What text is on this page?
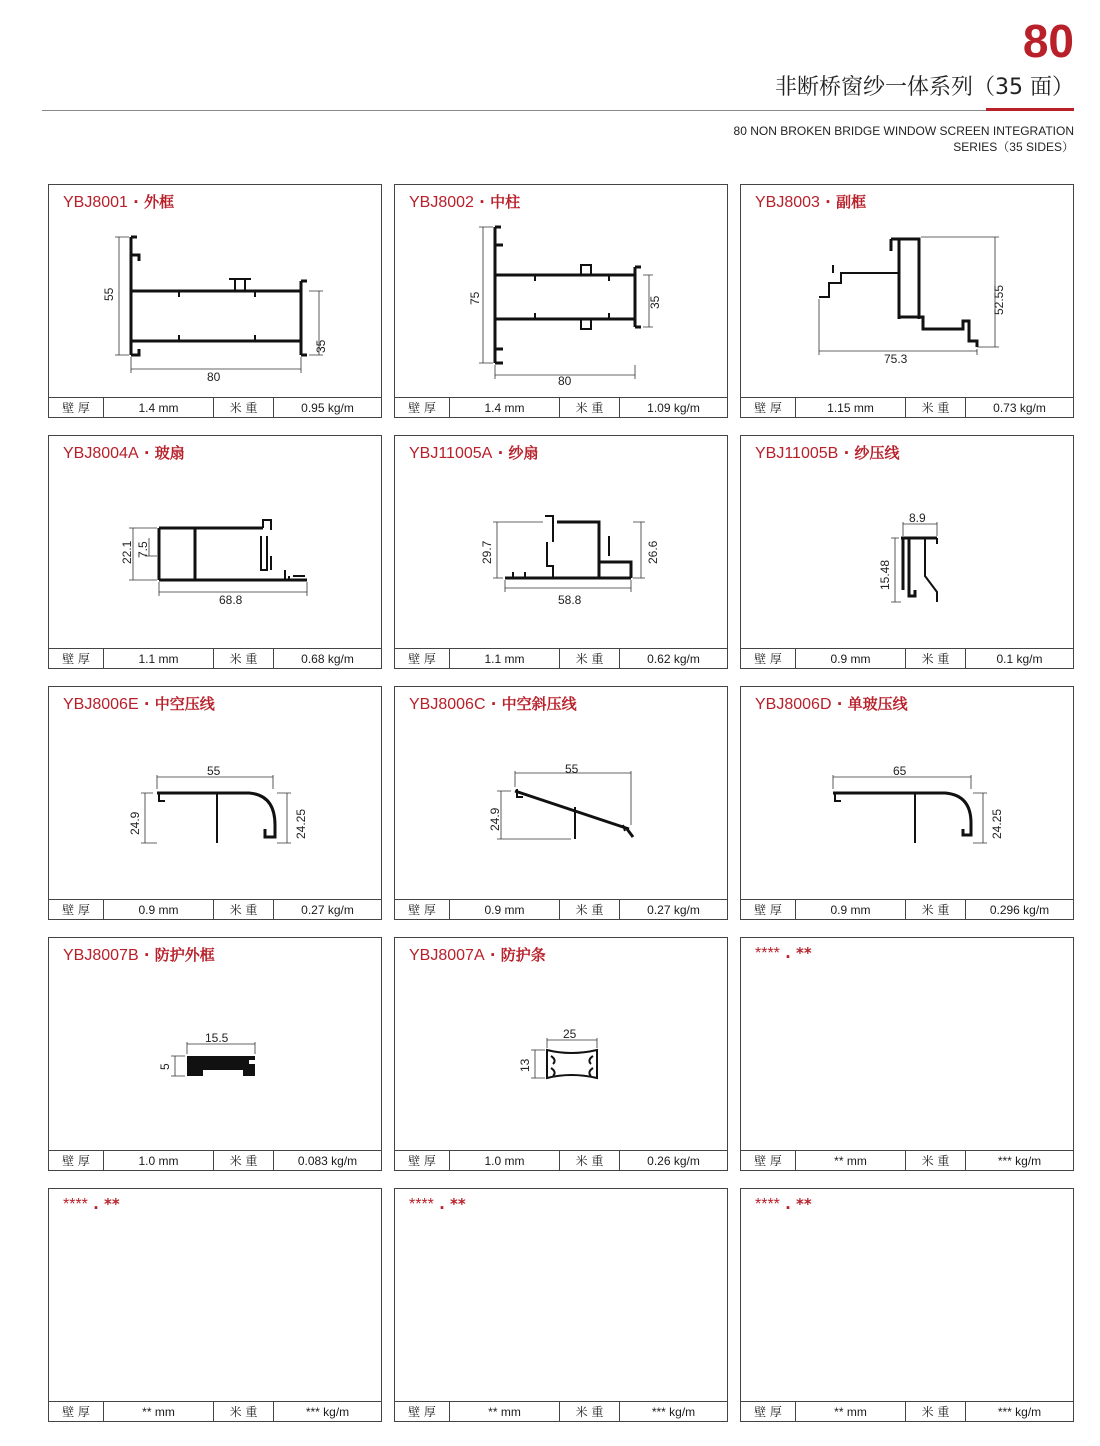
80
非断桥窗纱一体系列（35 面）
80 NON BROKEN BRIDGE WINDOW SCREEN INTEGRATION
SERIES（35 SIDES）
YBJ8001 · 外框
55
35
80
壁 厚	1.4 mm	米 重	0.95 kg/m
YBJ8002 · 中柱
75	35
80
壁 厚	1.4 mm	米 重	1.09 kg/m
YBJ8003 · 副框
52.55
75.3
壁 厚	1.15 mm	米 重	0.73 kg/m
YBJ8004A · 玻扇
22.1 7.5
68.8
壁 厚	1.1 mm	米 重	0.68 kg/m
YBJ11005A · 纱扇
29.7	26.6
58.8
壁 厚	1.1 mm	米 重	0.62 kg/m
YBJ11005B · 纱压线
8.9
15.48
壁 厚	0.9 mm	米 重	0.1 kg/m
YBJ8006E · 中空压线
55
24.9	24.25
壁 厚	0.9 mm	米 重	0.27 kg/m
YBJ8006C · 中空斜压线
55
24.9
壁 厚	0.9 mm	米 重	0.27 kg/m
YBJ8006D · 单玻压线
65
24.25
壁 厚	0.9 mm	米 重	0.296 kg/m
YBJ8007B · 防护外框
15.5
5
壁 厚	1.0 mm	米 重	0.083 kg/m
YBJ8007A · 防护条
25
13
壁 厚	1.0 mm	米 重	0.26 kg/m
**** . **
壁 厚	** mm	米 重	*** kg/m
**** . **
壁 厚	** mm	米 重	*** kg/m
**** . **
壁 厚	** mm	米 重	*** kg/m
**** . **
壁 厚	** mm	米 重	*** kg/m
